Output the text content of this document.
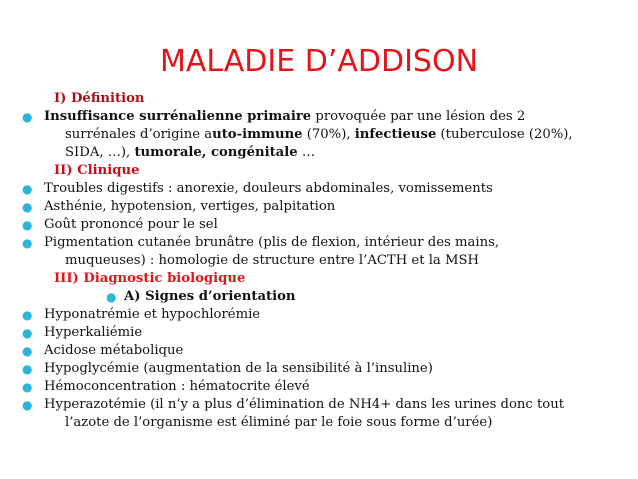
MALADIE D’ADDISON
I) Définition
● Insuffisance surrénalienne primaire provoquée par une lésion des 2
surrénales d’origine auto-immune (70%), infectieuse (tuberculose (20%),
SIDA, …), tumorale, congénitale …
II) Clinique
● Troubles digestifs : anorexie, douleurs abdominales, vomissements
● Asthénie, hypotension, vertiges, palpitation
● Goût prononcé pour le sel
● Pigmentation cutanée brunâtre (plis de flexion, intérieur des mains,
muqueuses) : homologie de structure entre l’ACTH et la MSH
III) Diagnostic biologique
● A) Signes d’orientation
● Hyponatrémie et hypochlorémie
● Hyperkaliémie
● Acidose métabolique
● Hypoglycémie (augmentation de la sensibilité à l’insuline)
● Hémoconcentration : hématocrite élevé
● Hyperazotémie (il n’y a plus d’élimination de NH4+ dans les urines donc tout
l’azote de l’organisme est éliminé par le foie sous forme d’urée)
